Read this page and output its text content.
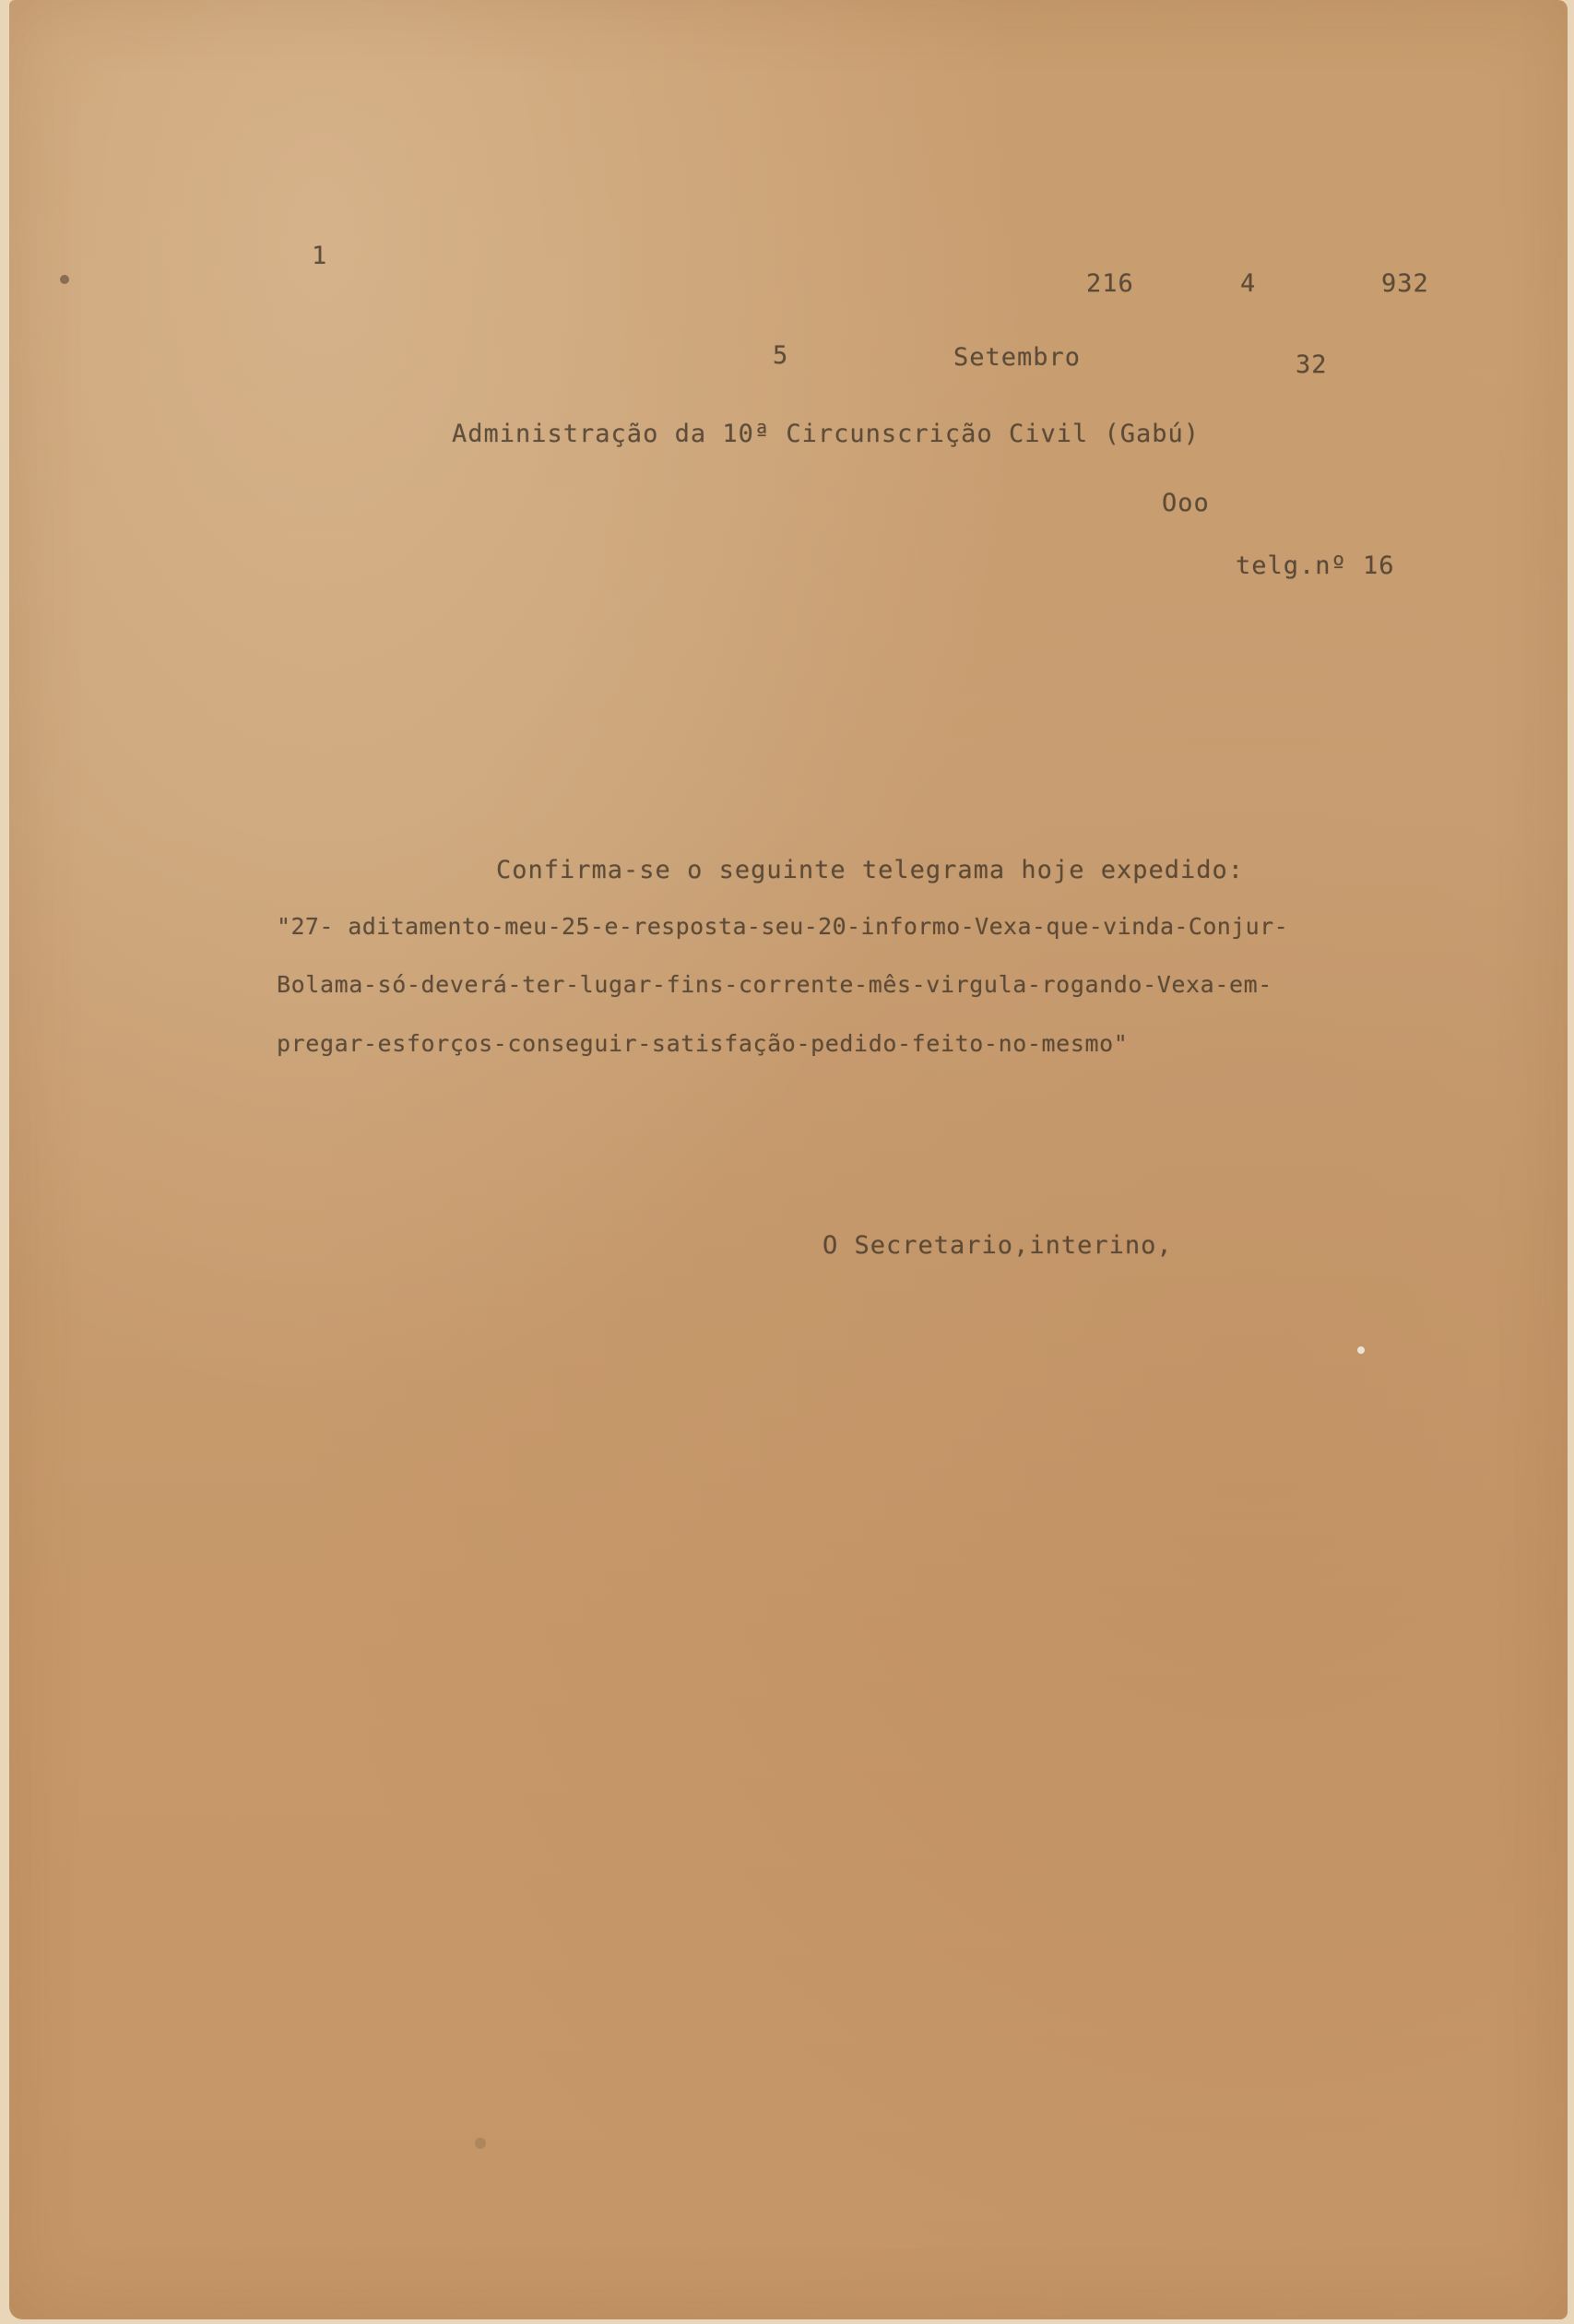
1
216	4	932
5	Setembro	32
Administração da 10ª Circunscrição Civil (Gabú)
Ooo
telg.nº 16
Confirma-se o seguinte telegrama hoje expedido:
"27- aditamento-meu-25-e-resposta-seu-20-informo-Vexa-que-vinda-Conjur-
Bolama-só-deverá-ter-lugar-fins-corrente-mês-virgula-rogando-Vexa-em-
pregar-esforços-conseguir-satisfação-pedido-feito-no-mesmo"
O Secretario,interino,
